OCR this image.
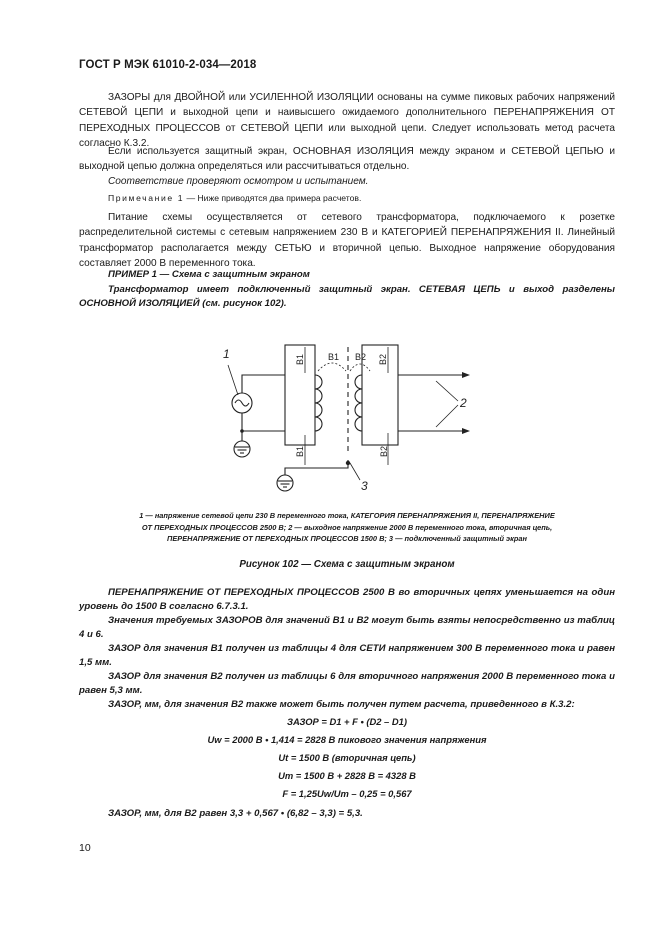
ГОСТ Р МЭК 61010-2-034—2018
ЗАЗОРЫ для ДВОЙНОЙ или УСИЛЕННОЙ ИЗОЛЯЦИИ основаны на сумме пиковых рабочих напряжений СЕТЕВОЙ ЦЕПИ и выходной цепи и наивысшего ожидаемого дополнительного ПЕРЕНАПРЯЖЕНИЯ ОТ ПЕРЕХОДНЫХ ПРОЦЕССОВ от СЕТЕВОЙ ЦЕПИ или выходной цепи. Следует использовать метод расчета согласно К.3.2.
Если используется защитный экран, ОСНОВНАЯ ИЗОЛЯЦИЯ между экраном и СЕТЕВОЙ ЦЕПЬЮ и выходной цепью должна определяться или рассчитываться отдельно.
Соответствие проверяют осмотром и испытанием.
Примечание 1 — Ниже приводятся два примера расчетов.
Питание схемы осуществляется от сетевого трансформатора, подключаемого к розетке распределительной системы с сетевым напряжением 230 В и КАТЕГОРИЕЙ ПЕРЕНАПРЯЖЕНИЯ II. Линейный трансформатор располагается между СЕТЬЮ и вторичной цепью. Выходное напряжение оборудования составляет 2000 В переменного тока.
ПРИМЕР 1 — Схема с защитным экраном
Трансформатор имеет подключенный защитный экран. СЕТЕВАЯ ЦЕПЬ и выход разделены ОСНОВНОЙ ИЗОЛЯЦИЕЙ (см. рисунок 102).
B1	B1 B2 B2
B1	B2
1
2
3
1 — напряжение сетевой цепи 230 В переменного тока, КАТЕГОРИЯ ПЕРЕНАПРЯЖЕНИЯ II, ПЕРЕНАПРЯЖЕНИЕ
ОТ ПЕРЕХОДНЫХ ПРОЦЕССОВ 2500 В; 2 — выходное напряжение 2000 В переменного тока, вторичная цепь,
ПЕРЕНАПРЯЖЕНИЕ ОТ ПЕРЕХОДНЫХ ПРОЦЕССОВ 1500 В; 3 — подключенный защитный экран
Рисунок 102 — Схема с защитным экраном
ПЕРЕНАПРЯЖЕНИЕ ОТ ПЕРЕХОДНЫХ ПРОЦЕССОВ 2500 В во вторичных цепях уменьшается на один уровень до 1500 В согласно 6.7.3.1.
Значения требуемых ЗАЗОРОВ для значений B1 и B2 могут быть взяты непосредственно из таблиц 4 и 6.
ЗАЗОР для значения B1 получен из таблицы 4 для СЕТИ напряжением 300 В переменного тока и равен 1,5 мм.
ЗАЗОР для значения B2 получен из таблицы 6 для вторичного напряжения 2000 В переменного тока и равен 5,3 мм.
ЗАЗОР, мм, для значения B2 также может быть получен путем расчета, приведенного в К.3.2:
ЗАЗОР = D1 + F • (D2 – D1)
Uw = 2000 В • 1,414 = 2828 В пикового значения напряжения
Ut = 1500 В (вторичная цепь)
Um = 1500 В + 2828 В = 4328 В
F = 1,25Uw/Um – 0,25 = 0,567
ЗАЗОР, мм, для B2 равен 3,3 + 0,567 • (6,82 – 3,3) = 5,3.
10
